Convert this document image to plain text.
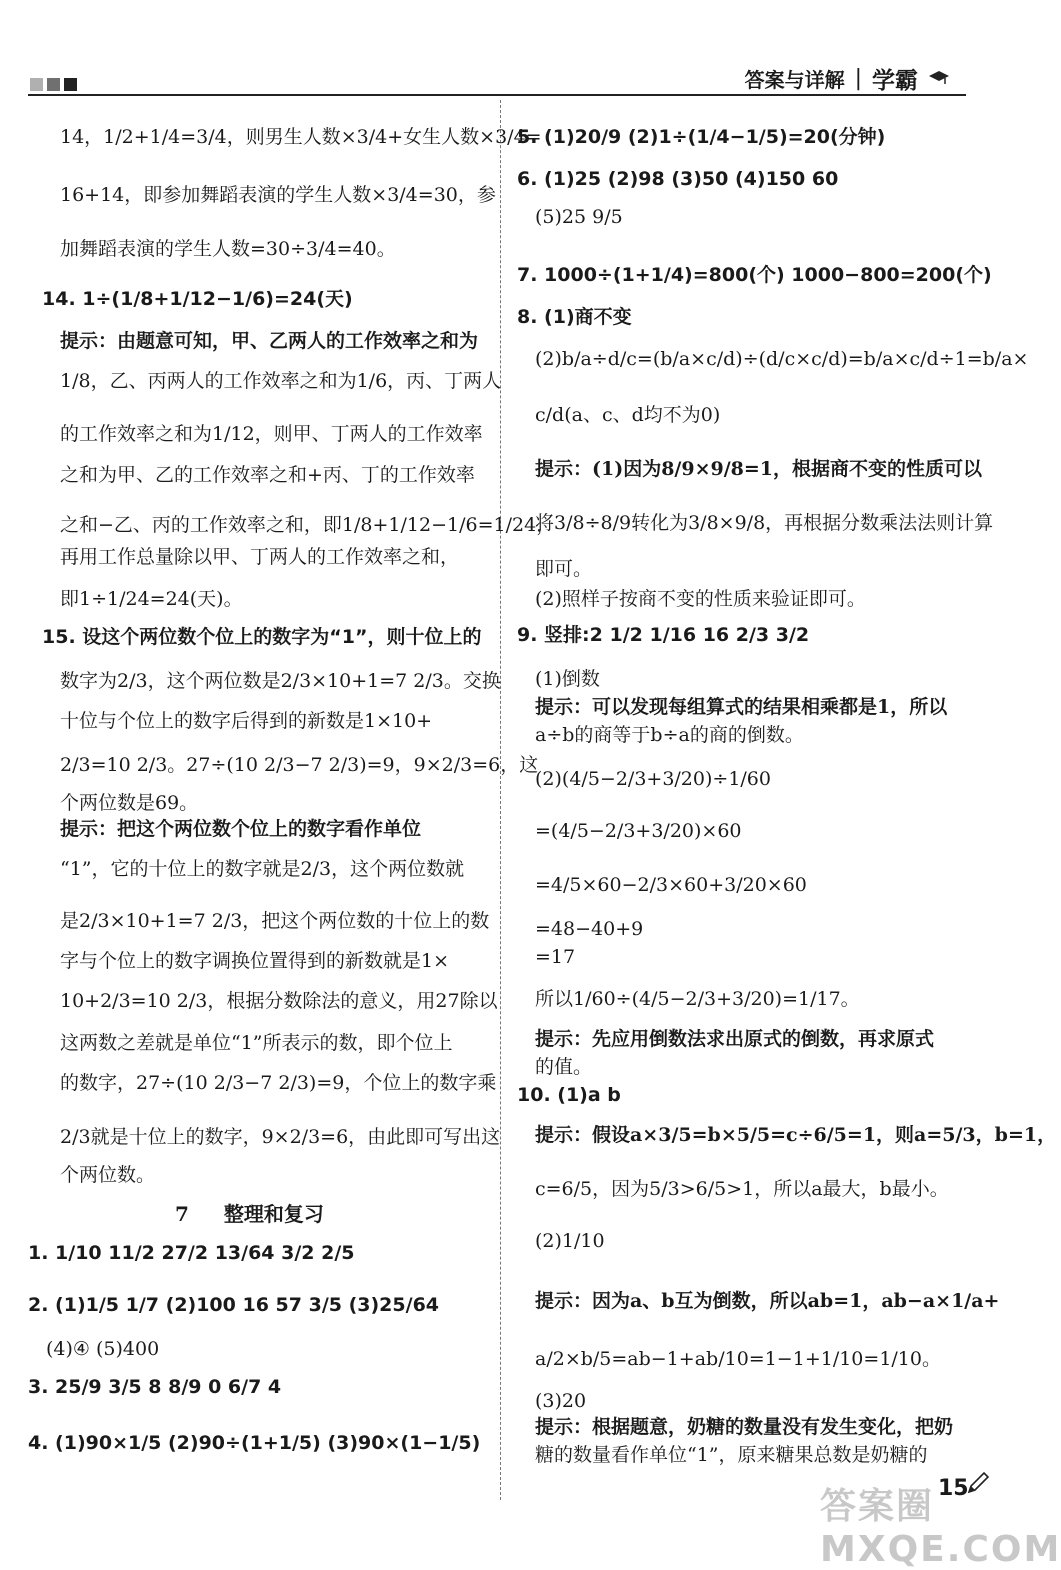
答案与详解 | 学霸
14，1/2+1/4=3/4，则男生人数×3/4+女生人数×3/4=
16+14，即参加舞蹈表演的学生人数×3/4=30，参
加舞蹈表演的学生人数=30÷3/4=40。
14. 1÷(1/8+1/12−1/6)=24(天)
提示：由题意可知，甲、乙两人的工作效率之和为
1/8，乙、丙两人的工作效率之和为1/6，丙、丁两人
的工作效率之和为1/12，则甲、丁两人的工作效率
之和为甲、乙的工作效率之和+丙、丁的工作效率
之和−乙、丙的工作效率之和，即1/8+1/12−1/6=1/24，
再用工作总量除以甲、丁两人的工作效率之和，
即1÷1/24=24(天)。
15. 设这个两位数个位上的数字为“1”，则十位上的
数字为2/3，这个两位数是2/3×10+1=7 2/3。交换
十位与个位上的数字后得到的新数是1×10+
2/3=10 2/3。27÷(10 2/3−7 2/3)=9，9×2/3=6，这
个两位数是69。
提示：把这个两位数个位上的数字看作单位
“1”，它的十位上的数字就是2/3，这个两位数就
是2/3×10+1=7 2/3，把这个两位数的十位上的数
字与个位上的数字调换位置得到的新数就是1×
10+2/3=10 2/3，根据分数除法的意义，用27除以
这两数之差就是单位“1”所表示的数，即个位上
的数字，27÷(10 2/3−7 2/3)=9，个位上的数字乘
2/3就是十位上的数字，9×2/3=6，由此即可写出这
个两位数。
7 整理和复习
1. 1/10 11/2 27/2 13/64 3/2 2/5
2. (1)1/5 1/7 (2)100 16 57 3/5 (3)25/64
(4)④ (5)400
3. 25/9 3/5 8 8/9 0 6/7 4
4. (1)90×1/5 (2)90÷(1+1/5) (3)90×(1−1/5)
5. (1)20/9 (2)1÷(1/4−1/5)=20(分钟)
6. (1)25 (2)98 (3)50 (4)150 60
(5)25 9/5
7. 1000÷(1+1/4)=800(个) 1000−800=200(个)
8. (1)商不变
(2)b/a÷d/c=(b/a×c/d)÷(d/c×c/d)=b/a×c/d÷1=b/a×
c/d(a、c、d均不为0)
提示：(1)因为8/9×9/8=1，根据商不变的性质可以
将3/8÷8/9转化为3/8×9/8，再根据分数乘法法则计算
即可。
(2)照样子按商不变的性质来验证即可。
9. 竖排:2 1/2 1/16 16 2/3 3/2
(1)倒数
提示：可以发现每组算式的结果相乘都是1，所以
a÷b的商等于b÷a的商的倒数。
(2)(4/5−2/3+3/20)÷1/60
=(4/5−2/3+3/20)×60
=4/5×60−2/3×60+3/20×60
=48−40+9
=17
所以1/60÷(4/5−2/3+3/20)=1/17。
提示：先应用倒数法求出原式的倒数，再求原式
的值。
10. (1)a b
提示：假设a×3/5=b×5/5=c÷6/5=1，则a=5/3，b=1，
c=6/5，因为5/3>6/5>1，所以a最大，b最小。
(2)1/10
提示：因为a、b互为倒数，所以ab=1，ab−a×1/a+
a/2×b/5=ab−1+ab/10=1−1+1/10=1/10。
(3)20
提示：根据题意，奶糖的数量没有发生变化，把奶
糖的数量看作单位“1”，原来糖果总数是奶糖的
答案圈 MXQE.COM
15
